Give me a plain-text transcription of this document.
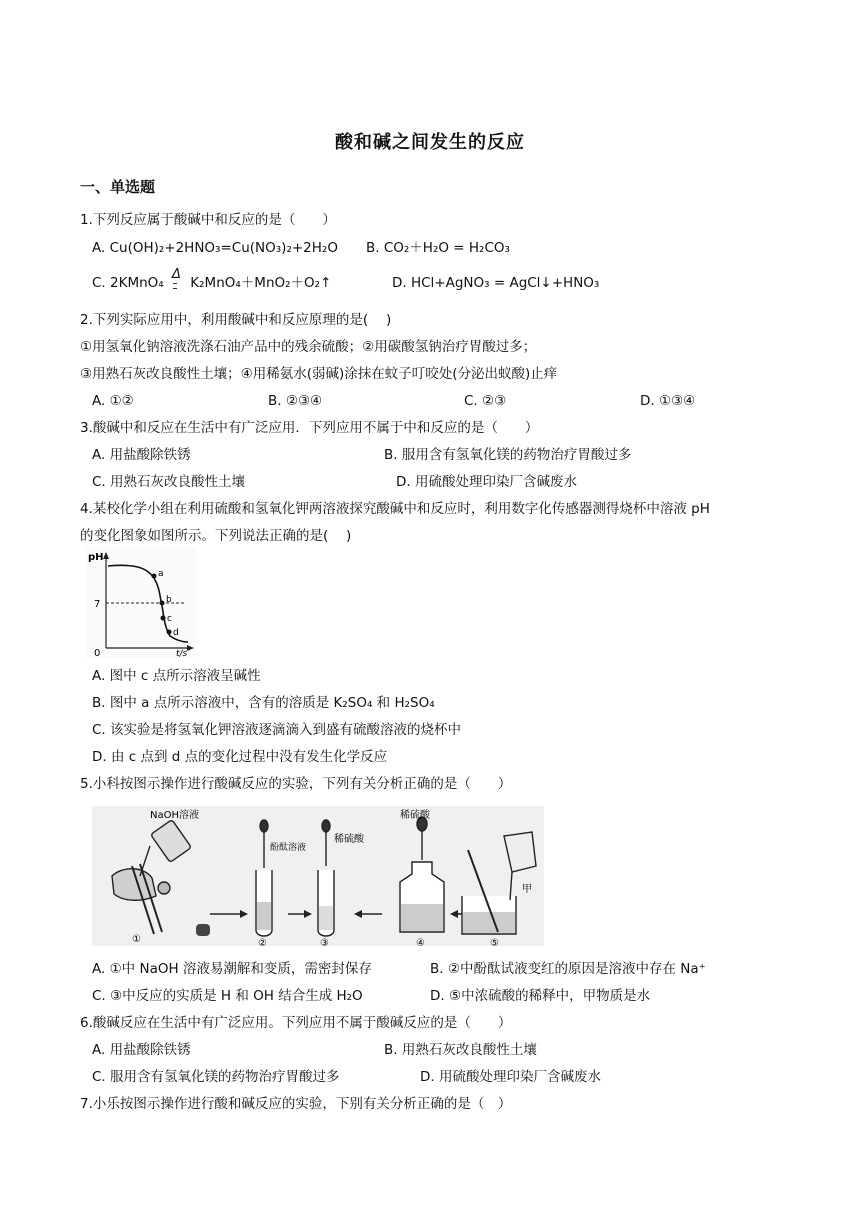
酸和碱之间发生的反应
一、单选题
1.下列反应属于酸碱中和反应的是（　　）
A. Cu(OH)₂+2HNO₃=Cu(NO₃)₂+2H₂O B. CO₂＋H₂O = H₂CO₃
C. 2KMnO₄
Δ
K₂MnO₄＋MnO₂＋O₂↑	D. HCl+AgNO₃ = AgCl↓+HNO₃
2.下列实际应用中，利用酸碱中和反应原理的是(　 )
①用氢氧化钠溶液洗涤石油产品中的残余硫酸；②用碳酸氢钠治疗胃酸过多；
③用熟石灰改良酸性土壤；④用稀氨水(弱碱)涂抹在蚊子叮咬处(分泌出蚁酸)止痒
A. ①②	B. ②③④	C. ②③	D. ①③④
3.酸碱中和反应在生活中有广泛应用．下列应用不属于中和反应的是（　　）
A. 用盐酸除铁锈	B. 服用含有氢氧化镁的药物治疗胃酸过多
C. 用熟石灰改良酸性土壤	D. 用硫酸处理印染厂含碱废水
4.某校化学小组在利用硫酸和氢氧化钾两溶液探究酸碱中和反应时，利用数字化传感器测得烧杯中溶液 pH
的变化图象如图所示。下列说法正确的是(　 )
pH
7
0	t/s
a
b
c
d
A. 图中 c 点所示溶液呈碱性
B. 图中 a 点所示溶液中，含有的溶质是 K₂SO₄ 和 H₂SO₄
C. 该实验是将氢氧化钾溶液逐滴滴入到盛有硫酸溶液的烧杯中
D. 由 c 点到 d 点的变化过程中没有发生化学反应
5.小科按图示操作进行酸碱反应的实验，下列有关分析正确的是（　　）
NaOH溶液
①
酚酞溶液
②
稀硫酸
③
稀硫酸
④
甲
⑤
A. ①中 NaOH 溶液易潮解和变质，需密封保存	B. ②中酚酞试液变红的原因是溶液中存在 Na⁺
C. ③中反应的实质是 H 和 OH 结合生成 H₂O	D. ⑤中浓硫酸的稀释中，甲物质是水
6.酸碱反应在生活中有广泛应用。下列应用不属于酸碱反应的是（　　）
A. 用盐酸除铁锈	B. 用熟石灰改良酸性土壤
C. 服用含有氢氧化镁的药物治疗胃酸过多	D. 用硫酸处理印染厂含碱废水
7.小乐按图示操作进行酸和碱反应的实验，下别有关分析正确的是（　）
